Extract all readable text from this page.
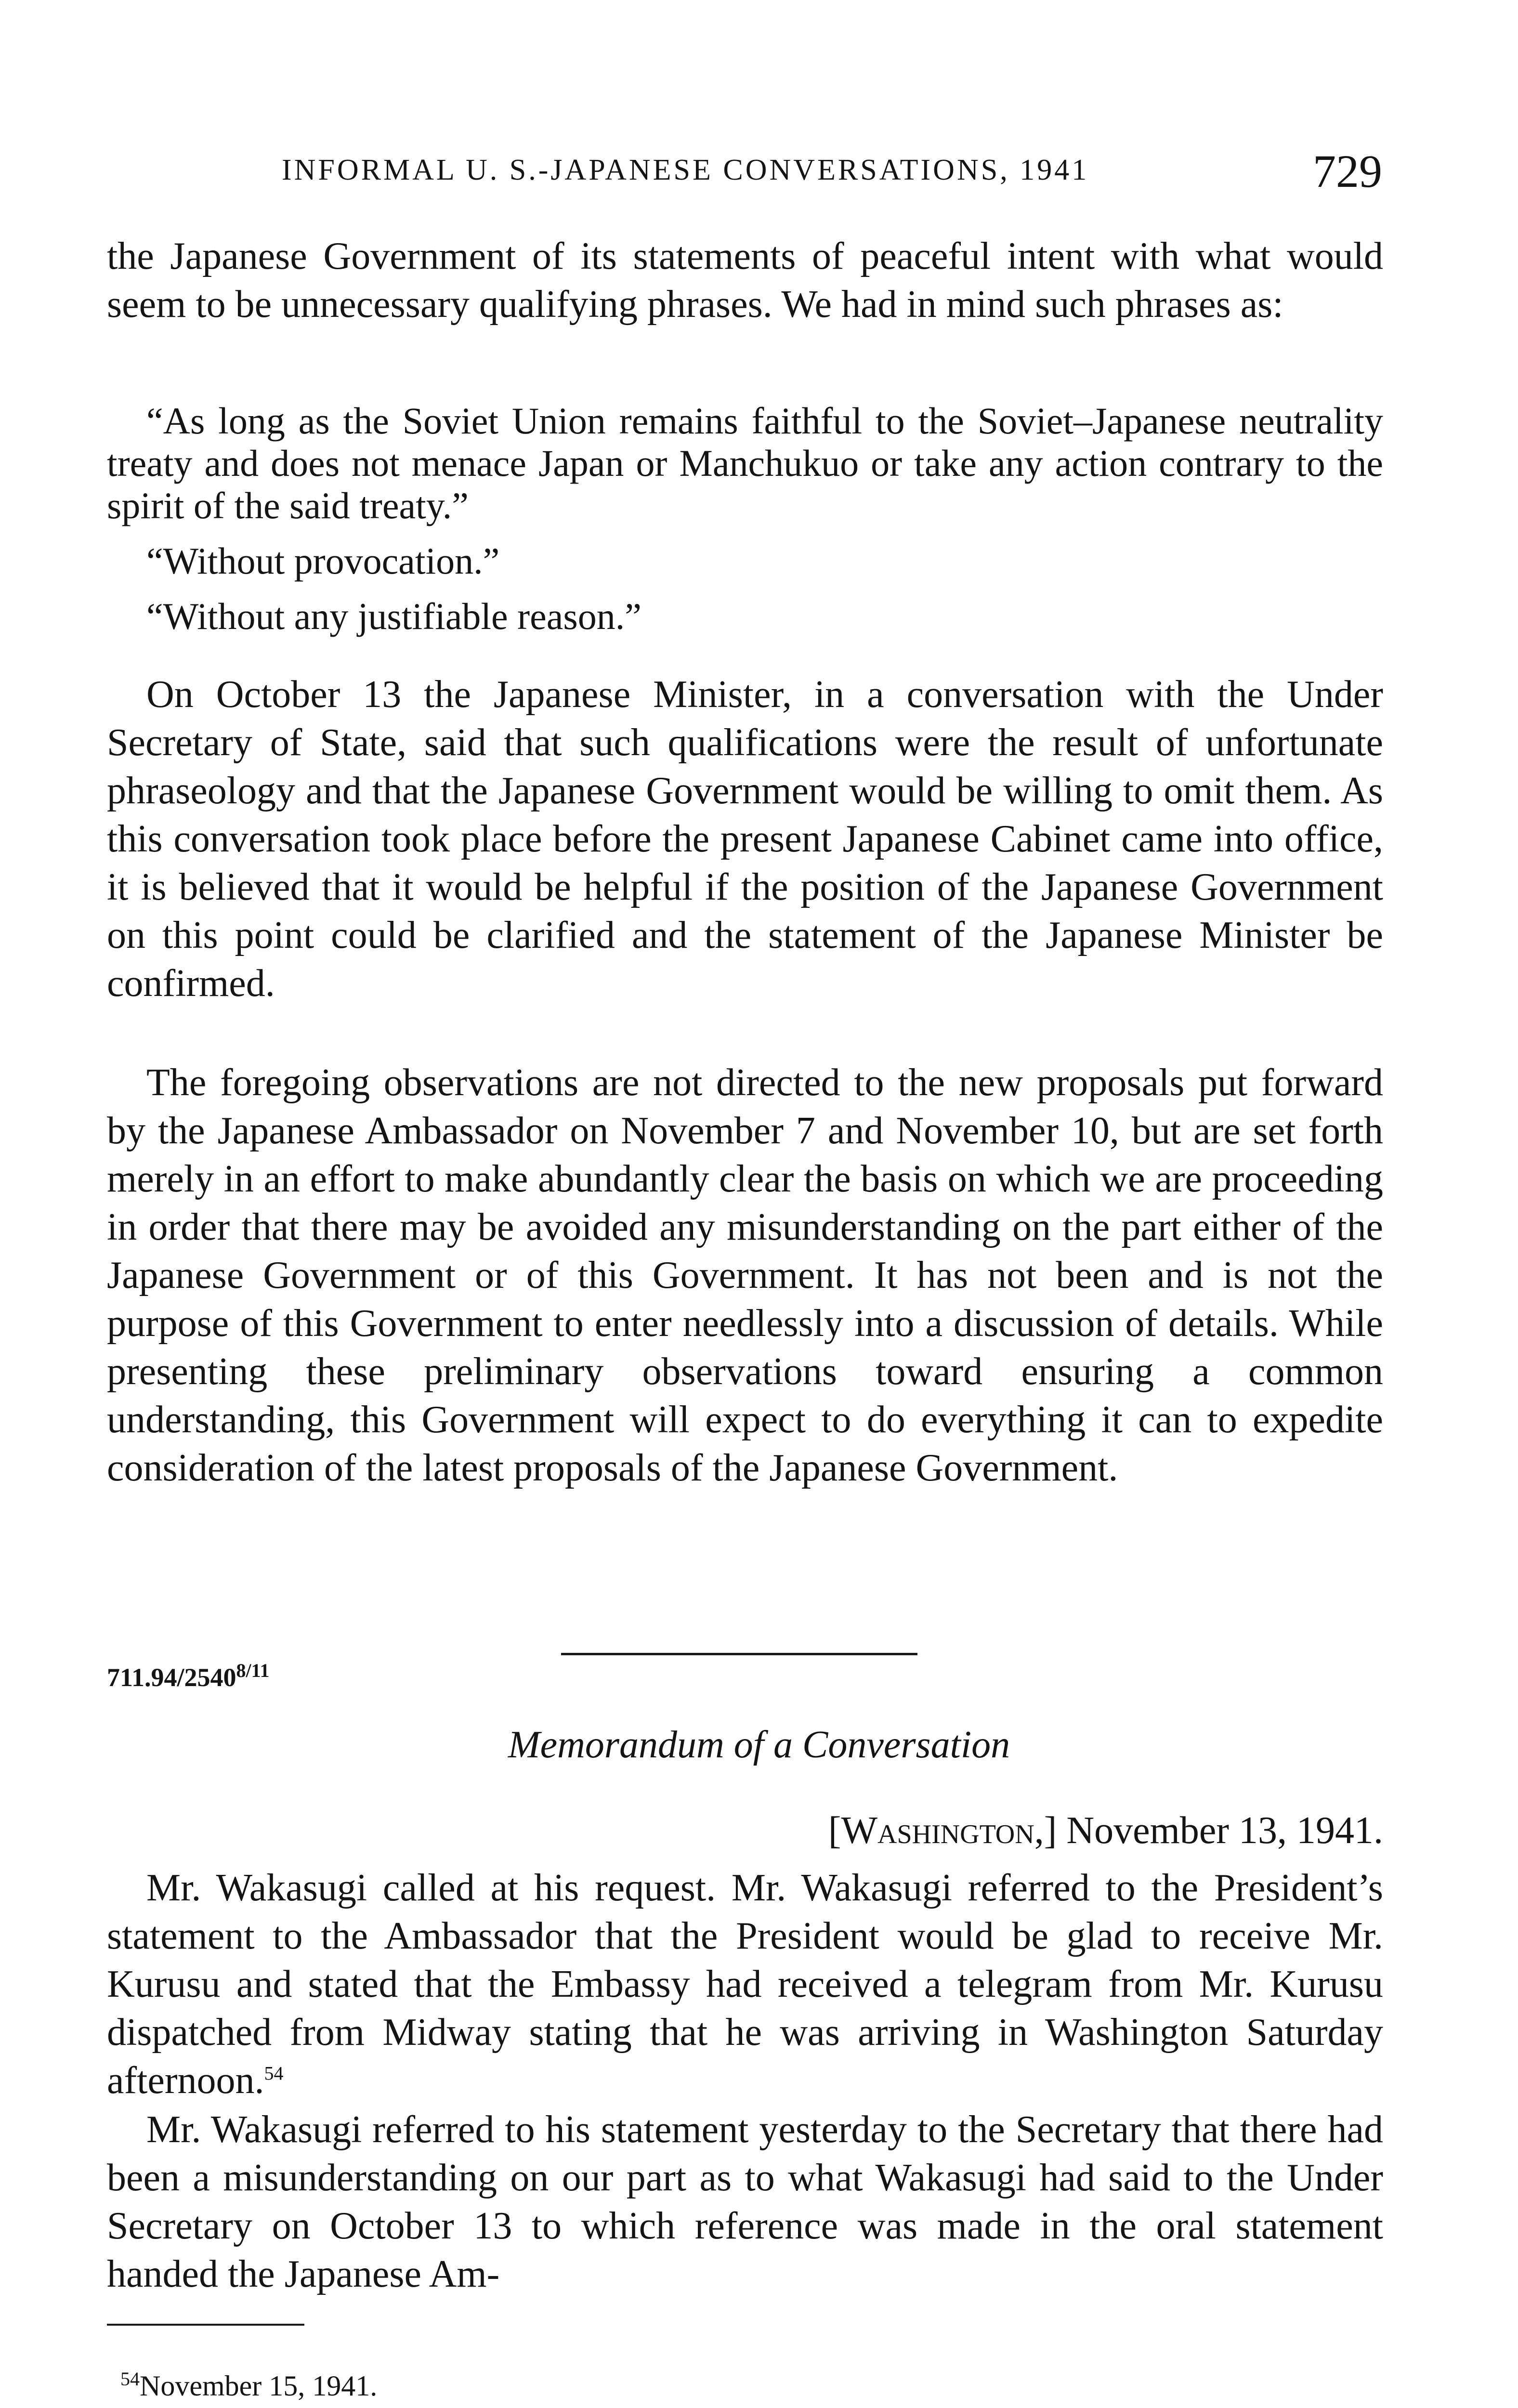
INFORMAL U. S.-JAPANESE CONVERSATIONS, 1941	729

the Japanese Government of its statements of peaceful intent with what would seem to be unnecessary qualifying phrases. We had in mind such phrases as:

“As long as the Soviet Union remains faithful to the Soviet–Japanese neutrality treaty and does not menace Japan or Manchukuo or take any action contrary to the spirit of the said treaty.”

“Without provocation.”

“Without any justifiable reason.”

On October 13 the Japanese Minister, in a conversation with the Under Secretary of State, said that such qualifications were the result of unfortunate phraseology and that the Japanese Government would be willing to omit them. As this conversation took place before the present Japanese Cabinet came into office, it is believed that it would be helpful if the position of the Japanese Government on this point could be clarified and the statement of the Japanese Minister be confirmed.

The foregoing observations are not directed to the new proposals put forward by the Japanese Ambassador on November 7 and November 10, but are set forth merely in an effort to make abundantly clear the basis on which we are proceeding in order that there may be avoided any misunderstanding on the part either of the Japanese Government or of this Government. It has not been and is not the purpose of this Government to enter needlessly into a discussion of details. While presenting these preliminary observations toward ensuring a common understanding, this Government will expect to do everything it can to expedite consideration of the latest proposals of the Japanese Government.

$711.94/2540^{8/11}$
Memorandum of a Conversation
[Washington,] November 13, 1941.

Mr. Wakasugi called at his request. Mr. Wakasugi referred to the President’s statement to the Ambassador that the President would be glad to receive Mr. Kurusu and stated that the Embassy had received a telegram from Mr. Kurusu dispatched from Midway stating that he was arriving in Washington Saturday afternoon.$^{54}$

Mr. Wakasugi referred to his statement yesterday to the Secretary that there had been a misunderstanding on our part as to what Wakasugi had said to the Under Secretary on October 13 to which reference was made in the oral statement handed the Japanese Am-

$^{54}$November 15, 1941.
